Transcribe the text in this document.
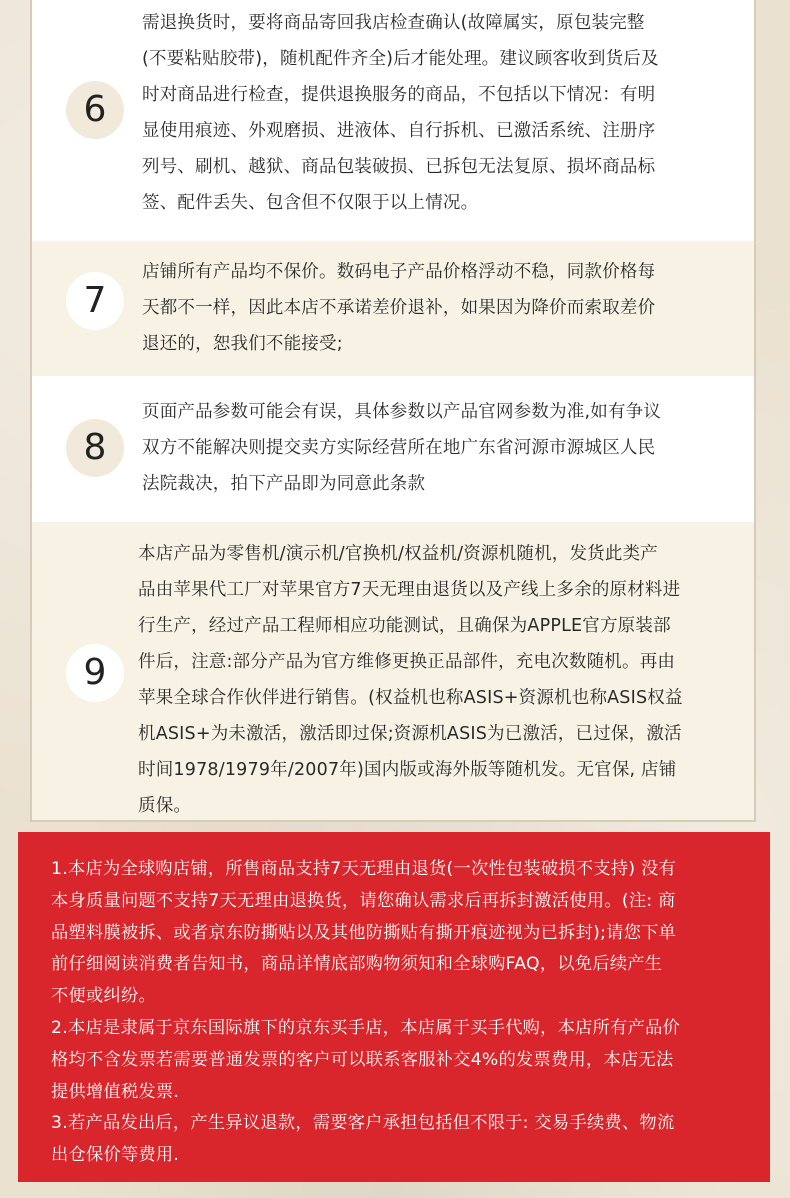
6
需退换货时，要将商品寄回我店检查确认(故障属实，原包装完整
(不要粘贴胶带)，随机配件齐全)后才能处理。建议顾客收到货后及
时对商品进行检查，提供退换服务的商品，不包括以下情况：有明
显使用痕迹、外观磨损、进液体、自行拆机、已激活系统、注册序
列号、刷机、越狱、商品包装破损、已拆包无法复原、损坏商品标
签、配件丢失、包含但不仅限于以上情况。
7
店铺所有产品均不保价。数码电子产品价格浮动不稳，同款价格每
天都不一样，因此本店不承诺差价退补，如果因为降价而索取差价
退还的，恕我们不能接受;
8
页面产品参数可能会有误，具体参数以产品官网参数为准,如有争议
双方不能解决则提交卖方实际经营所在地广东省河源市源城区人民
法院裁决，拍下产品即为同意此条款
9
本店产品为零售机/演示机/官换机/权益机/资源机随机，发货此类产
品由苹果代工厂对苹果官方7天无理由退货以及产线上多余的原材料进
行生产，经过产品工程师相应功能测试，且确保为APPLE官方原装部
件后，注意:部分产品为官方维修更换正品部件，充电次数随机。再由
苹果全球合作伙伴进行销售。(权益机也称ASIS+资源机也称ASIS权益
机ASIS+为未激活，激活即过保;资源机ASIS为已激活，已过保，激活
时间1978/1979年/2007年)国内版或海外版等随机发。无官保, 店铺
质保。
1.本店为全球购店铺，所售商品支持7天无理由退货(一次性包装破损不支持) 没有
本身质量问题不支持7天无理由退换货，请您确认需求后再拆封激活使用。(注: 商
品塑料膜被拆、或者京东防撕贴以及其他防撕贴有撕开痕迹视为已拆封);请您下单
前仔细阅读消费者告知书，商品详情底部购物须知和全球购FAQ，以免后续产生
不便或纠纷。
2.本店是隶属于京东国际旗下的京东买手店，本店属于买手代购，本店所有产品价
格均不含发票若需要普通发票的客户可以联系客服补交4%的发票费用，本店无法
提供增值税发票.
3.若产品发出后，产生异议退款，需要客户承担包括但不限于: 交易手续费、物流
出仓保价等费用.
